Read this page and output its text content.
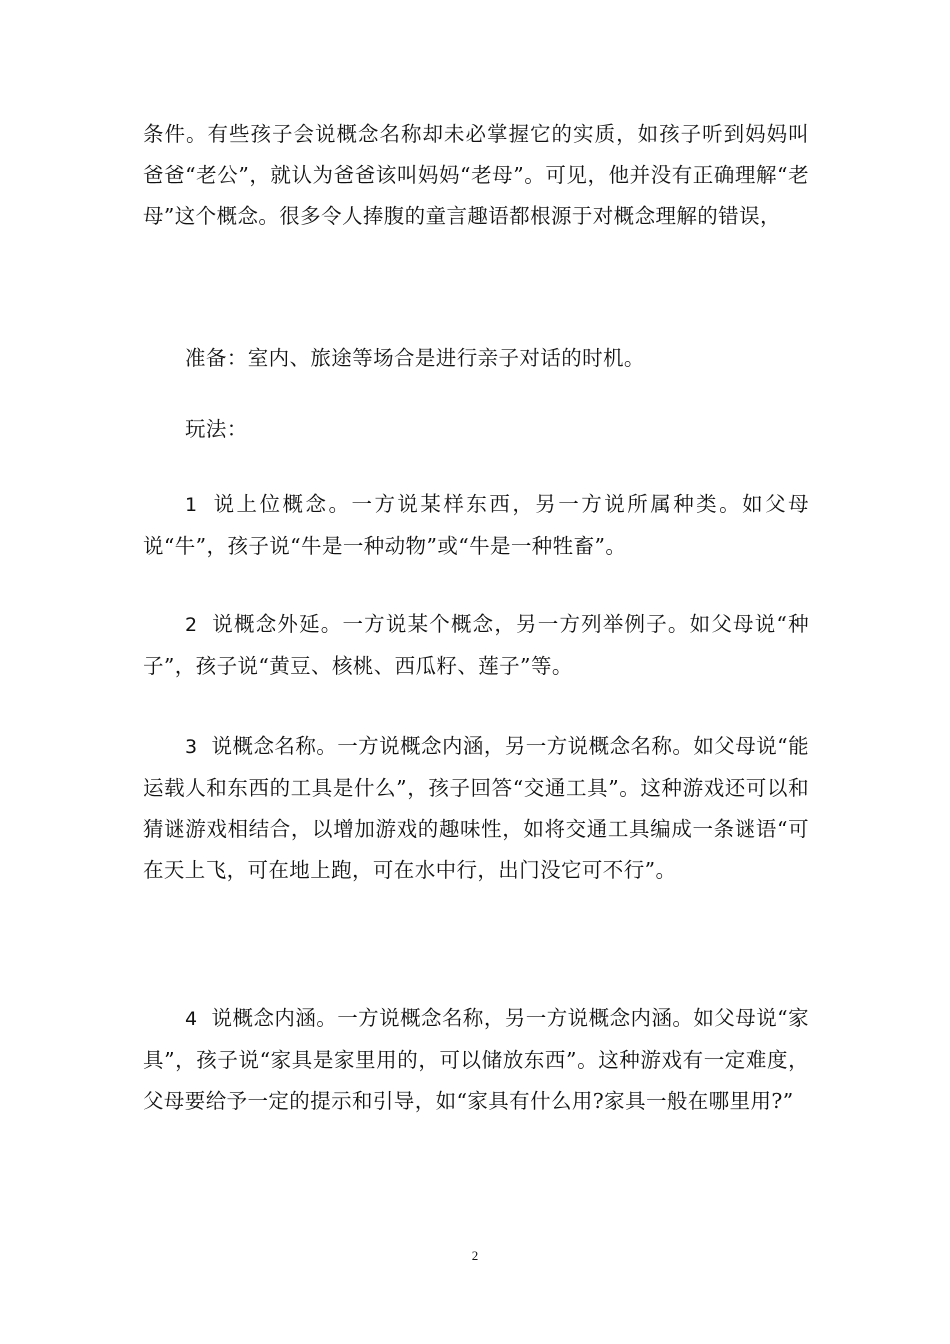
条件。有些孩子会说概念名称却未必掌握它的实质，如孩子听到妈妈叫爸爸“老公”，就认为爸爸该叫妈妈“老母”。可见，他并没有正确理解“老母”这个概念。很多令人捧腹的童言趣语都根源于对概念理解的错误，

准备：室内、旅途等场合是进行亲子对话的时机。

玩法：

1 说上位概念。一方说某样东西，另一方说所属种类。如父母说“牛”，孩子说“牛是一种动物”或“牛是一种牲畜”。

2 说概念外延。一方说某个概念，另一方列举例子。如父母说“种子”，孩子说“黄豆、核桃、西瓜籽、莲子”等。

3 说概念名称。一方说概念内涵，另一方说概念名称。如父母说“能运载人和东西的工具是什么”，孩子回答“交通工具”。这种游戏还可以和猜谜游戏相结合，以增加游戏的趣味性，如将交通工具编成一条谜语“可在天上飞，可在地上跑，可在水中行，出门没它可不行”。

4 说概念内涵。一方说概念名称，另一方说概念内涵。如父母说“家具”，孩子说“家具是家里用的，可以储放东西”。这种游戏有一定难度，父母要给予一定的提示和引导，如“家具有什么用?家具一般在哪里用?”

2
